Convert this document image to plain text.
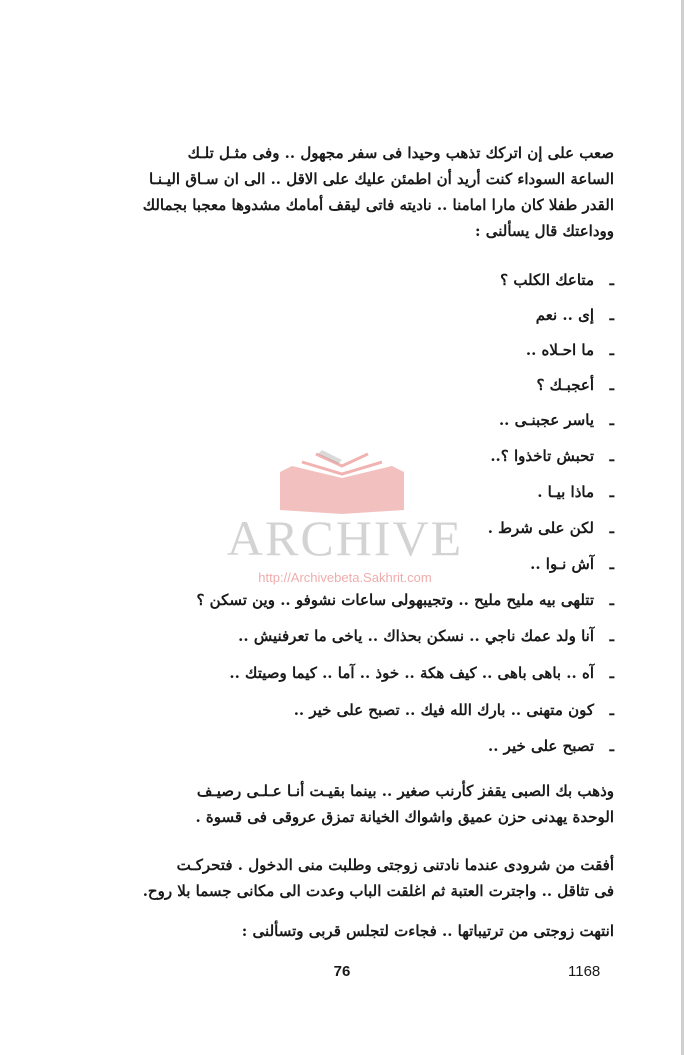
ARCHIVE
http://Archivebeta.Sakhrit.com
صعب على إن اتركك تذهب وحيدا فى سفر مجهول .. وفى مثـل تلـك
الساعة السوداء كنت أريد أن اطمئن عليك على الاقل .. الى ان سـاق اليـنـا
القدر طفلا كان مارا امامنا .. ناديته فاتى ليقف أمامك مشدوها معجبا بجمالك
ووداعتك قال يسألنى :
ـمتاعك الكلب ؟
ـإى .. نعم
ـما احـلاه ..
ـأعجبـك ؟
ـياسر عجبنـى ..
ـتحبش تاخذوا ؟..
ـماذا بيـا .
ـلكن على شرط .
ـآش نـوا ..
ـتتلهى بيه مليح مليح .. وتجيبهولى ساعات نشوفو .. وين تسكن ؟
ـآنا ولد عمك ناجي .. نسكن بحذاك .. ياخى ما تعرفنيش ..
ـآه .. باهى باهى .. كيف هكة .. خوذ .. آما .. كيما وصيتك ..
ـكون متهنى .. بارك الله فيك .. تصبح على خير ..
ـتصبح على خير ..
وذهب بك الصبى يقفز كأرنب صغير .. بينما بقيـت أنـا عـلـى رصيـف
الوحدة يهدنى حزن عميق واشواك الخيانة تمزق عروقى فى قسوة .
أفقت من شرودى عندما نادتنى زوجتى وطلبت منى الدخول . فتحركـت
فى تثاقل .. واجترت العتبة ثم اغلقت الباب وعدت الى مكانى جسما بلا روح.
انتهت زوجتى من ترتيباتها .. فجاءت لتجلس قربى وتسألنى :
76	1168
